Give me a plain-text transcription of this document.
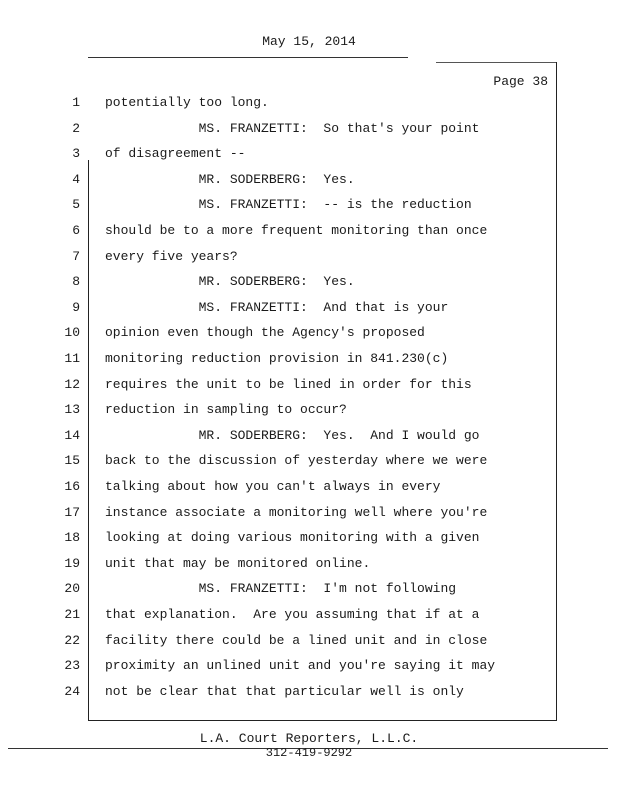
May 15, 2014
Page 38
1 potentially too long.
2 MS. FRANZETTI:  So that's your point
3 of disagreement --
4 MR. SODERBERG:  Yes.
5 MS. FRANZETTI:  -- is the reduction
6 should be to a more frequent monitoring than once
7 every five years?
8 MR. SODERBERG:  Yes.
9 MS. FRANZETTI:  And that is your
10 opinion even though the Agency's proposed
11 monitoring reduction provision in 841.230(c)
12 requires the unit to be lined in order for this
13 reduction in sampling to occur?
14 MR. SODERBERG:  Yes.  And I would go
15 back to the discussion of yesterday where we were
16 talking about how you can't always in every
17 instance associate a monitoring well where you're
18 looking at doing various monitoring with a given
19 unit that may be monitored online.
20 MS. FRANZETTI:  I'm not following
21 that explanation.  Are you assuming that if at a
22 facility there could be a lined unit and in close
23 proximity an unlined unit and you're saying it may
24 not be clear that that particular well is only
L.A. Court Reporters, L.L.C.
312-419-9292
